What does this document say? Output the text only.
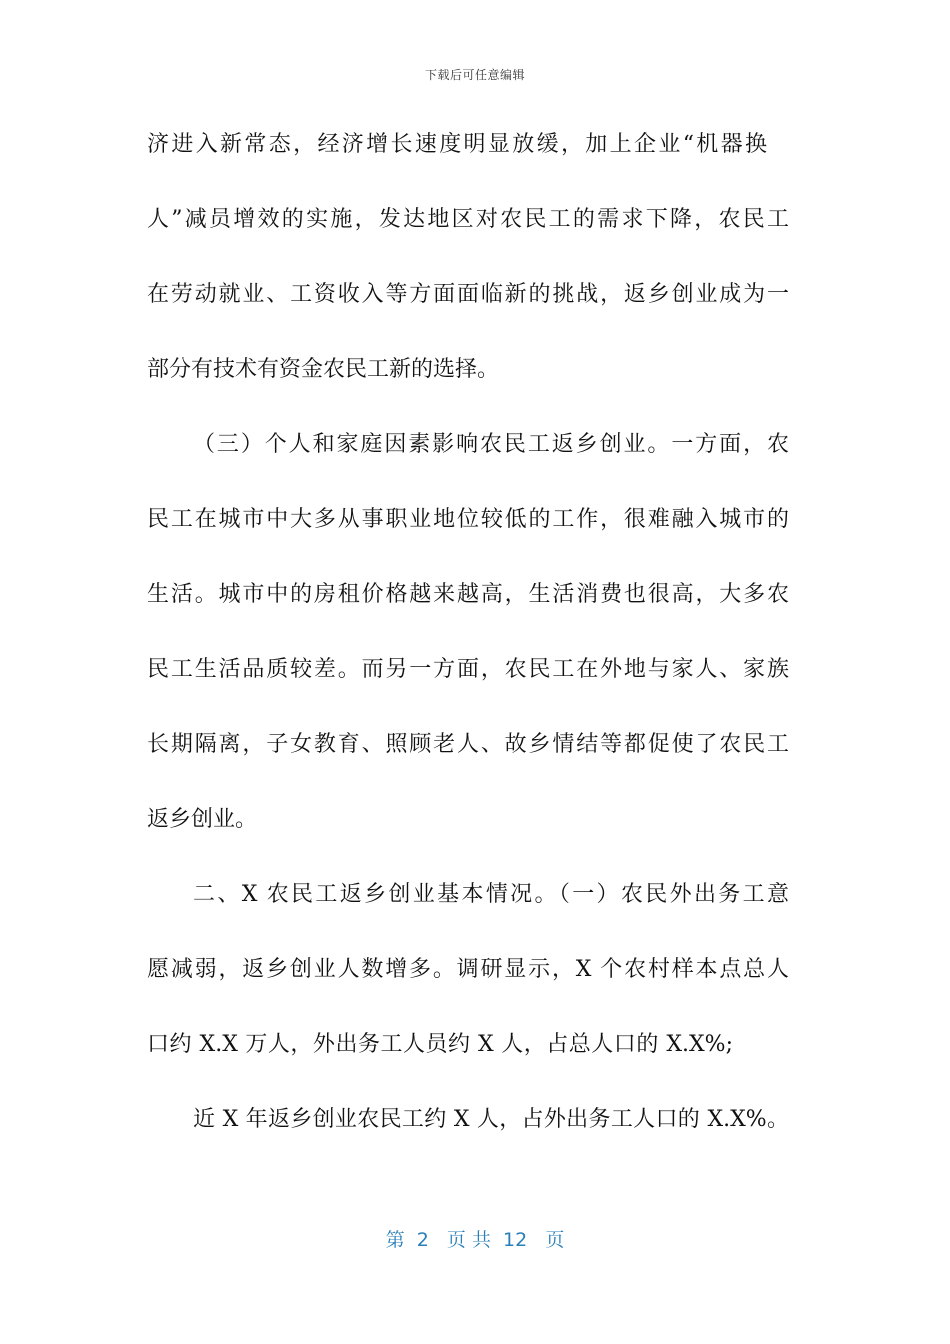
下载后可任意编辑
济进入新常态，经济增长速度明显放缓，加上企业“机器换
人”减员增效的实施，发达地区对农民工的需求下降，农民工
在劳动就业、工资收入等方面面临新的挑战，返乡创业成为一
部分有技术有资金农民工新的选择。
（三）个人和家庭因素影响农民工返乡创业。一方面，农
民工在城市中大多从事职业地位较低的工作，很难融入城市的
生活。城市中的房租价格越来越高，生活消费也很高，大多农
民工生活品质较差。而另一方面，农民工在外地与家人、家族
长期隔离，子女教育、照顾老人、故乡情结等都促使了农民工
返乡创业。
二、X 农民工返乡创业基本情况。（一）农民外出务工意
愿减弱，返乡创业人数增多。调研显示，X 个农村样本点总人
口约 X.X 万人，外出务工人员约 X 人，占总人口的 X.X%;
近 X 年返乡创业农民工约 X 人，占外出务工人口的 X.X%。
第  2   页 共  12   页
